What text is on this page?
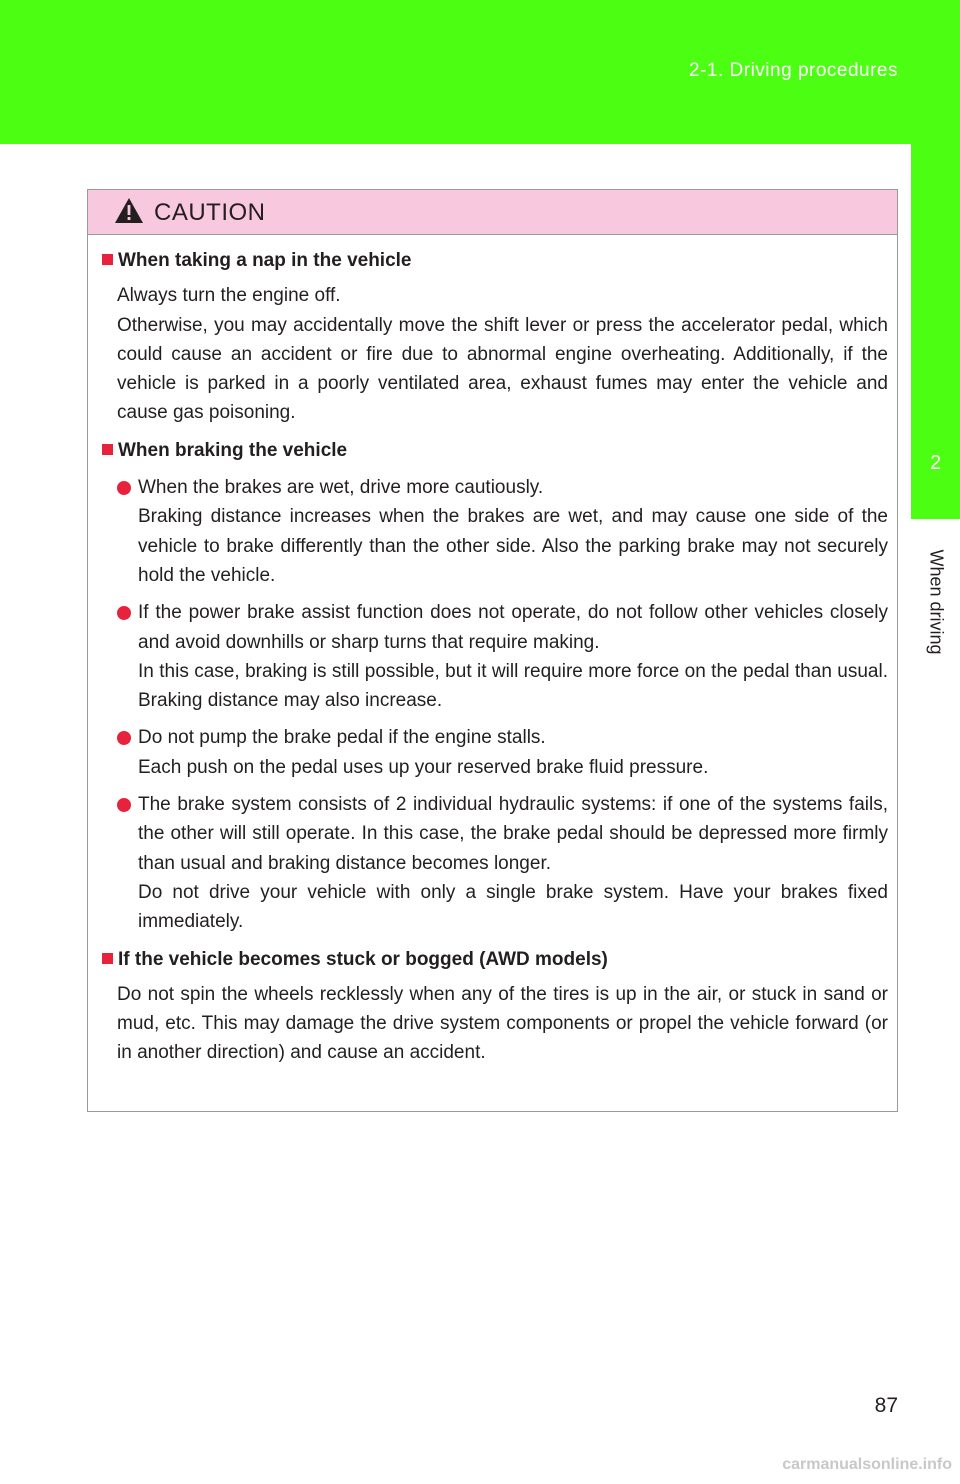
2-1. Driving procedures
2
When driving
CAUTION
When taking a nap in the vehicle
Always turn the engine off.
Otherwise, you may accidentally move the shift lever or press the accelerator pedal, which could cause an accident or fire due to abnormal engine overheating. Additionally, if the vehicle is parked in a poorly ventilated area, exhaust fumes may enter the vehicle and cause gas poisoning.
When braking the vehicle
When the brakes are wet, drive more cautiously.
Braking distance increases when the brakes are wet, and may cause one side of the vehicle to brake differently than the other side. Also the parking brake may not securely hold the vehicle.
If the power brake assist function does not operate, do not follow other vehicles closely and avoid downhills or sharp turns that require making.
In this case, braking is still possible, but it will require more force on the pedal than usual. Braking distance may also increase.
Do not pump the brake pedal if the engine stalls.
Each push on the pedal uses up your reserved brake fluid pressure.
The brake system consists of 2 individual hydraulic systems: if one of the systems fails, the other will still operate. In this case, the brake pedal should be depressed more firmly than usual and braking distance becomes longer.
Do not drive your vehicle with only a single brake system. Have your brakes fixed immediately.
If the vehicle becomes stuck or bogged (AWD models)
Do not spin the wheels recklessly when any of the tires is up in the air, or stuck in sand or mud, etc. This may damage the drive system components or propel the vehicle forward (or in another direction) and cause an accident.
87
carmanualsonline.info
